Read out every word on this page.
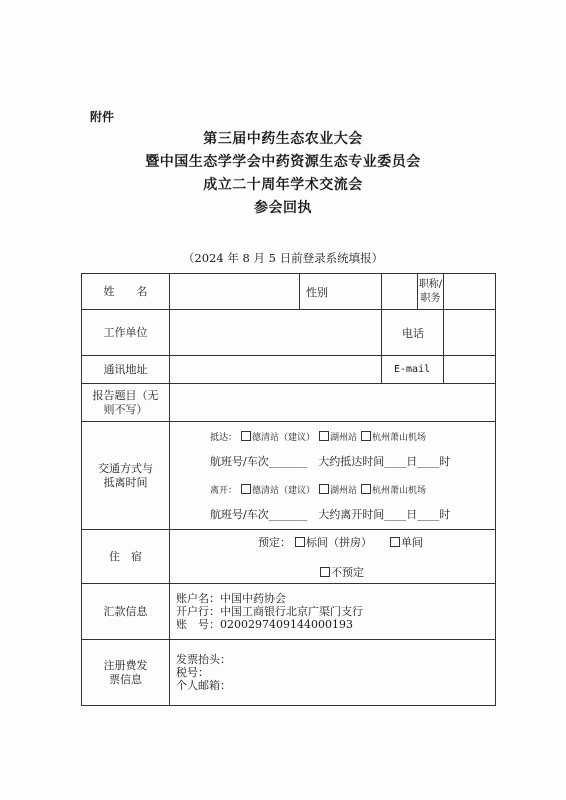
附件
第三届中药生态农业大会
暨中国生态学学会中药资源生态专业委员会
成立二十周年学术交流会
参会回执
（2024 年 8 月 5 日前登录系统填报）
姓　　名		性别		职称/职务	
工作单位			电话		
通讯地址			E-mail		
报告题目（无则不写）					
交通方式与抵离时间	抵达： 德清站（建议） 湖州站 杭州萧山机场
航班号/车次_______　大约抵达时间____日____时
离开： 德清站（建议） 湖州站 杭州萧山机场
航班号/车次_______　大约离开时间____日____时				

住　宿	预定： 标间（拼房） 单间
不预定				

汇款信息	账户名：中国中药协会
开户行：中国工商银行北京广渠门支行
账　号：0200297409144000193				

注册费发票信息	发票抬头：
税号：
个人邮箱：				
